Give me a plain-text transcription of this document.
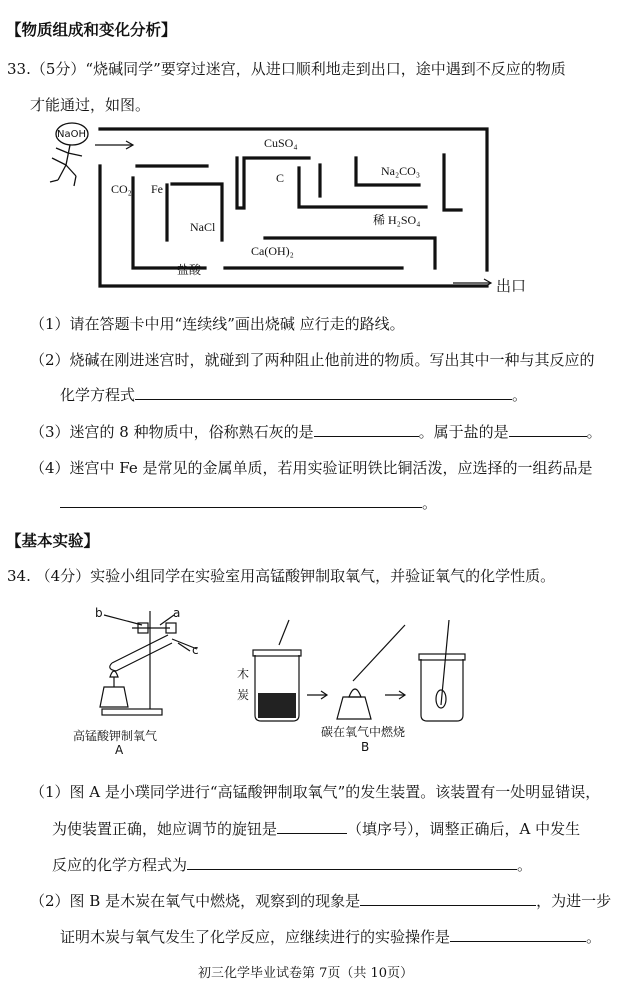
【物质组成和变化分析】
33.（5分）“烧碱同学”要穿过迷宫，从进口顺利地走到出口，途中遇到不反应的物质
才能通过，如图。
NaOH
CuSO₄
C	Na₂CO₃
CO₂ Fe
稀 H₂SO₄
NaCl
Ca(OH)₂
盐酸
出口
（1）请在答题卡中用“连续线”画出烧碱 应行走的路线。
（2）烧碱在刚进迷宫时，就碰到了两种阻止他前进的物质。写出其中一种与其反应的
化学方程式	。
（3）迷宫的 8 种物质中，俗称熟石灰的是	。属于盐的是	。
（4）迷宫中 Fe 是常见的金属单质，若用实验证明铁比铜活泼，应选择的一组药品是
。
【基本实验】
34. （4分）实验小组同学在实验室用高锰酸钾制取氧气，并验证氧气的化学性质。
b	a
c
高锰酸钾制氧气
A
木
炭
碳在氧气中燃烧
B
（1）图 A 是小璞同学进行“高锰酸钾制取氧气”的发生装置。该装置有一处明显错误，
为使装置正确，她应调节的旋钮是	（填序号），调整正确后，A 中发生
反应的化学方程式为	。
（2）图 B 是木炭在氧气中燃烧，观察到的现象是	，为进一步
证明木炭与氧气发生了化学反应，应继续进行的实验操作是	。
初三化学毕业试卷第 7页（共 10页）
